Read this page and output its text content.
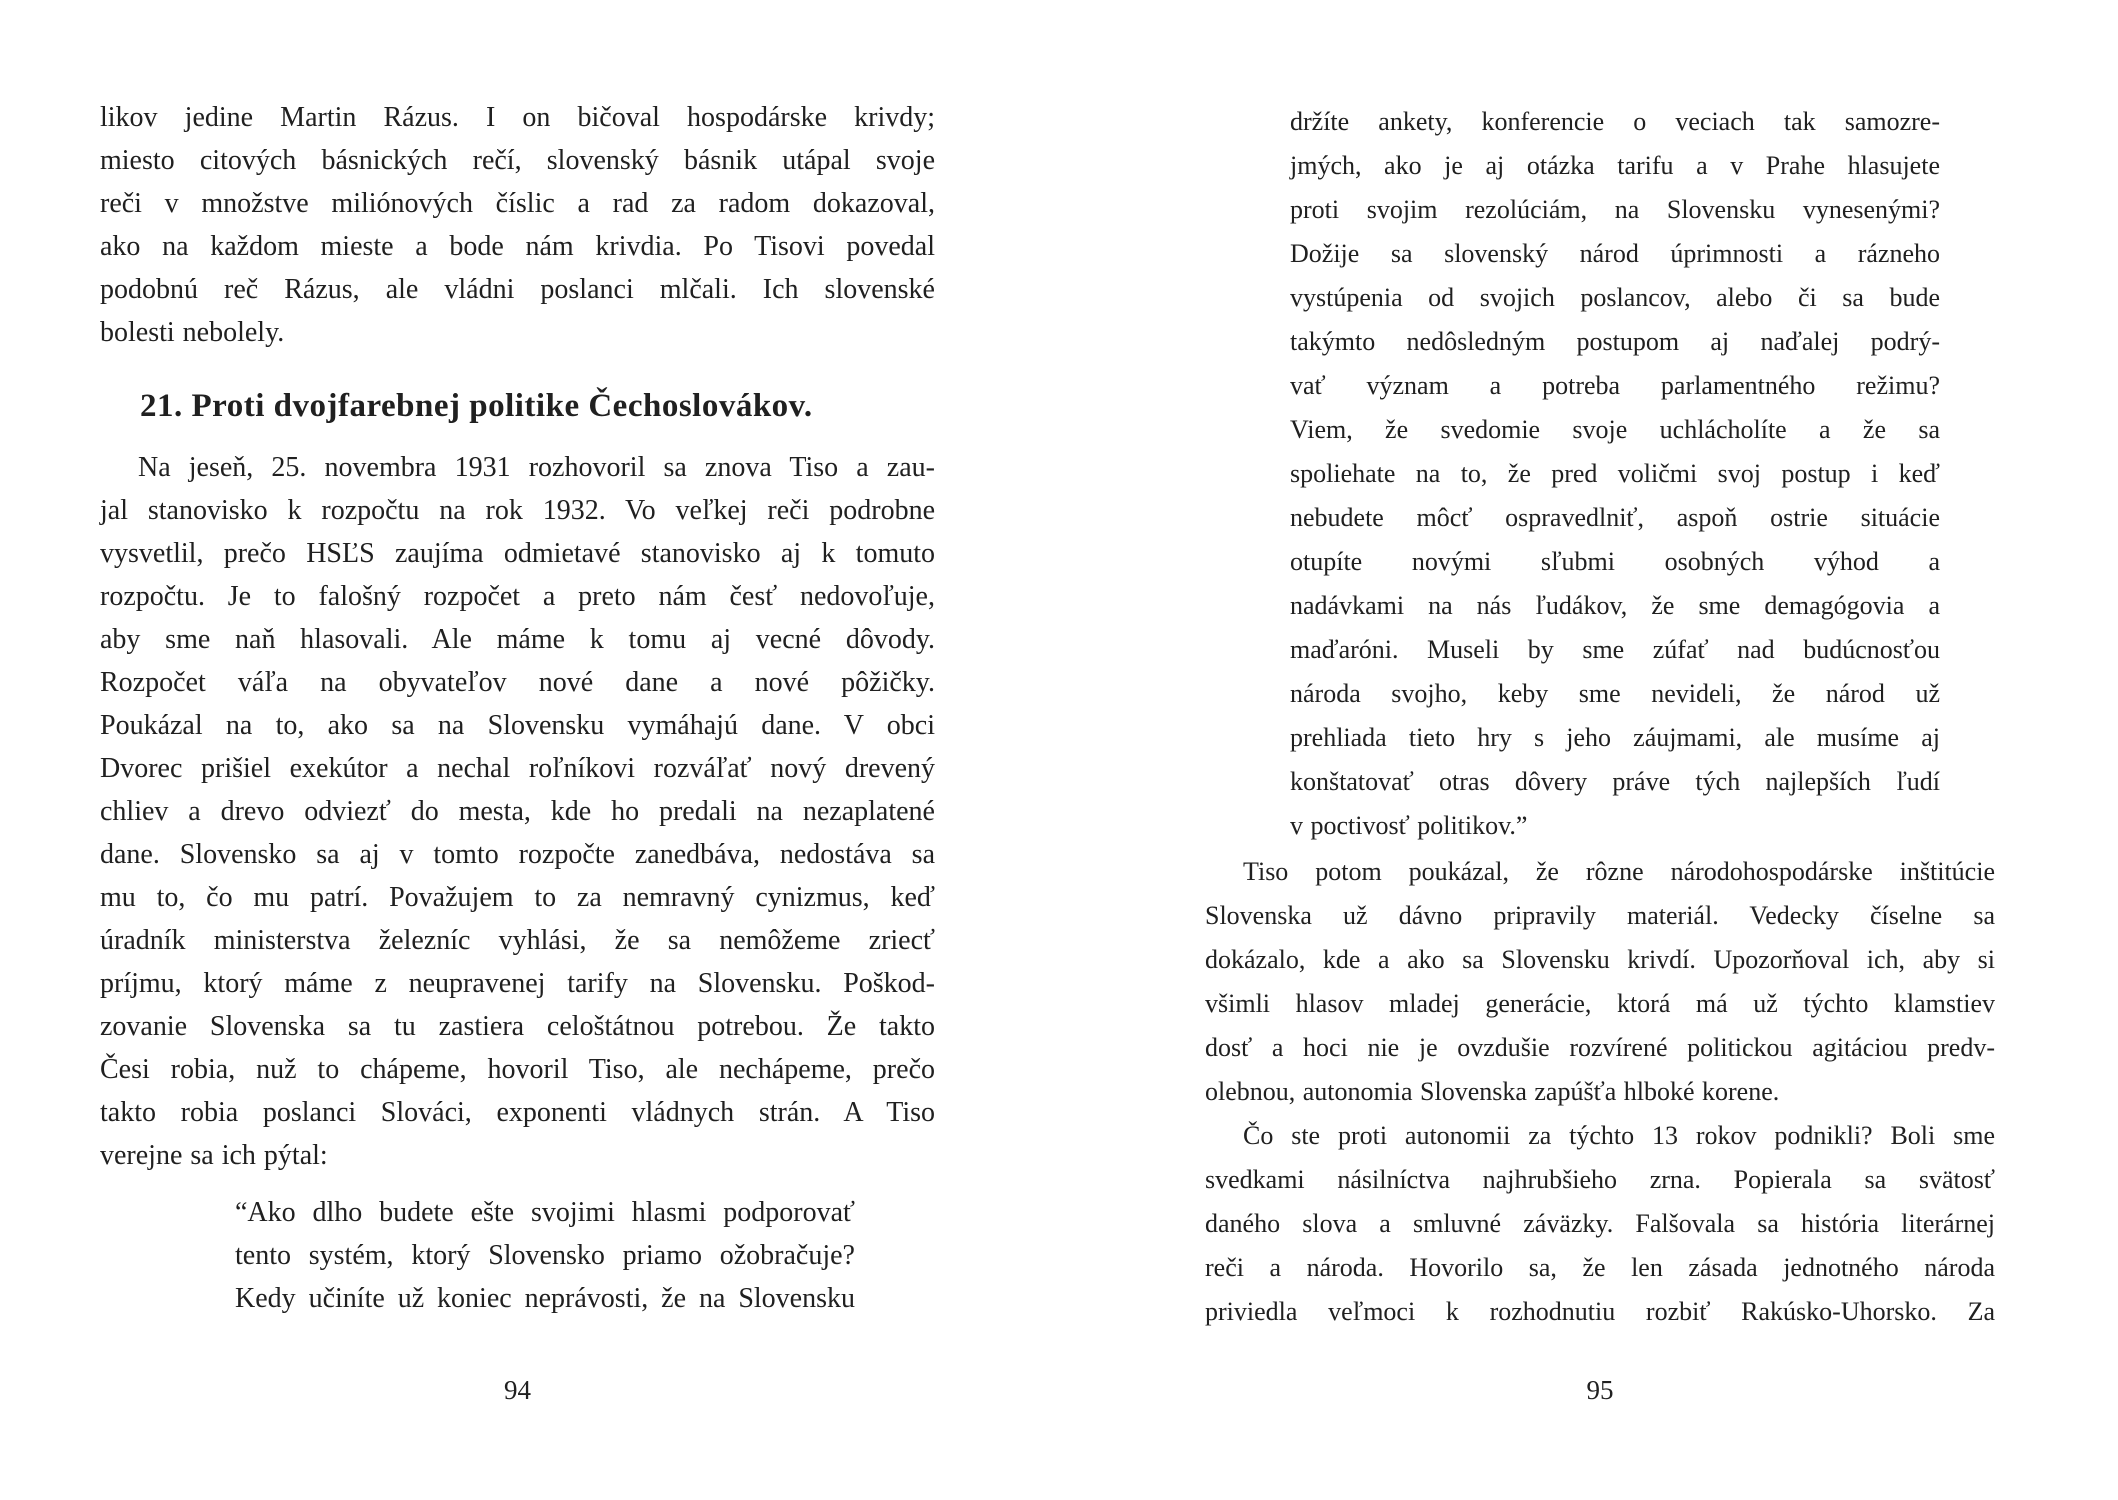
likov jedine Martin Rázus. I on bičoval hospodárske krivdy;
miesto citových básnických rečí, slovenský básnik utápal svoje
reči v množstve miliónových číslic a rad za radom dokazoval,
ako na každom mieste a bode nám krivdia. Po Tisovi povedal
podobnú reč Rázus, ale vládni poslanci mlčali. Ich slovenské
bolesti nebolely.
21. Proti dvojfarebnej politike Čechoslovákov.
Na jeseň, 25. novembra 1931 rozhovoril sa znova Tiso a zau-
jal stanovisko k rozpočtu na rok 1932. Vo veľkej reči podrobne
vysvetlil, prečo HSĽS zaujíma odmietavé stanovisko aj k tomuto
rozpočtu. Je to falošný rozpočet a preto nám česť nedovoľuje,
aby sme naň hlasovali. Ale máme k tomu aj vecné dôvody.
Rozpočet váľa na obyvateľov nové dane a nové pôžičky.
Poukázal na to, ako sa na Slovensku vymáhajú dane. V obci
Dvorec prišiel exekútor a nechal roľníkovi rozváľať nový drevený
chliev a drevo odviezť do mesta, kde ho predali na nezaplatené
dane. Slovensko sa aj v tomto rozpočte zanedbáva, nedostáva sa
mu to, čo mu patrí. Považujem to za nemravný cynizmus, keď
úradník ministerstva železníc vyhlási, že sa nemôžeme zriecť
príjmu, ktorý máme z neupravenej tarify na Slovensku. Poškod-
zovanie Slovenska sa tu zastiera celoštátnou potrebou. Že takto
Česi robia, nuž to chápeme, hovoril Tiso, ale nechápeme, prečo
takto robia poslanci Slováci, exponenti vládnych strán. A Tiso
verejne sa ich pýtal:
“Ako dlho budete ešte svojimi hlasmi podporovať
tento systém, ktorý Slovensko priamo ožobračuje?
Kedy učiníte už koniec neprávosti, že na Slovensku
94
držíte ankety, konferencie o veciach tak samozre-
jmých, ako je aj otázka tarifu a v Prahe hlasujete
proti svojim rezolúciám, na Slovensku vynesenými?
Dožije sa slovenský národ úprimnosti a rázneho
vystúpenia od svojich poslancov, alebo či sa bude
takýmto nedôsledným postupom aj naďalej podrý-
vať význam a potreba parlamentného režimu?
Viem, že svedomie svoje uchlácholíte a že sa
spoliehate na to, že pred voličmi svoj postup i keď
nebudete môcť ospravedlniť, aspoň ostrie situácie
otupíte novými sľubmi osobných výhod a
nadávkami na nás ľudákov, že sme demagógovia a
maďaróni. Museli by sme zúfať nad budúcnosťou
národa svojho, keby sme nevideli, že národ už
prehliada tieto hry s jeho záujmami, ale musíme aj
konštatovať otras dôvery práve tých najlepších ľudí
v poctivosť politikov.”
Tiso potom poukázal, že rôzne národohospodárske inštitúcie
Slovenska už dávno pripravily materiál. Vedecky číselne sa
dokázalo, kde a ako sa Slovensku krivdí. Upozorňoval ich, aby si
všimli hlasov mladej generácie, ktorá má už týchto klamstiev
dosť a hoci nie je ovzdušie rozvírené politickou agitáciou predv-
olebnou, autonomia Slovenska zapúšťa hlboké korene.
Čo ste proti autonomii za týchto 13 rokov podnikli? Boli sme
svedkami násilníctva najhrubšieho zrna. Popierala sa svätosť
daného slova a smluvné záväzky. Falšovala sa história literárnej
reči a národa. Hovorilo sa, že len zásada jednotného národa
priviedla veľmoci k rozhodnutiu rozbiť Rakúsko-Uhorsko. Za
95
